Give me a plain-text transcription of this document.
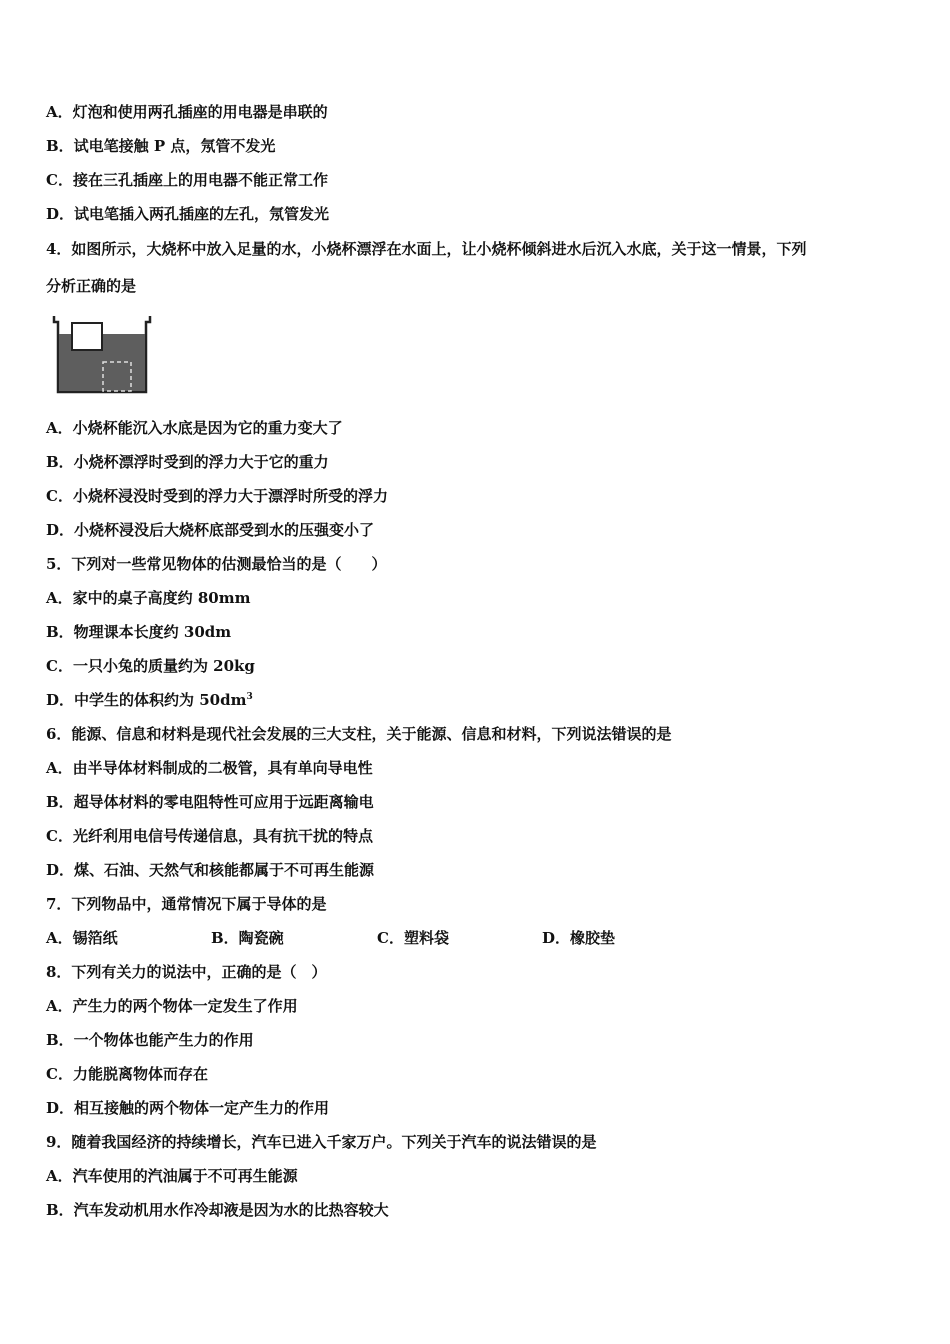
A．灯泡和使用两孔插座的用电器是串联的
B．试电笔接触 P 点，氖管不发光
C．接在三孔插座上的用电器不能正常工作
D．试电笔插入两孔插座的左孔，氖管发光
4．如图所示，大烧杯中放入足量的水，小烧杯漂浮在水面上，让小烧杯倾斜进水后沉入水底，关于这一情景，下列
分析正确的是
A．小烧杯能沉入水底是因为它的重力变大了
B．小烧杯漂浮时受到的浮力大于它的重力
C．小烧杯浸没时受到的浮力大于漂浮时所受的浮力
D．小烧杯浸没后大烧杯底部受到水的压强变小了
5．下列对一些常见物体的估测最恰当的是（　　）
A．家中的桌子高度约 80mm
B．物理课本长度约 30dm
C．一只小兔的质量约为 20kg
D．中学生的体积约为 $50dm^3$
6．能源、信息和材料是现代社会发展的三大支柱，关于能源、信息和材料，下列说法错误的是
A．由半导体材料制成的二极管，具有单向导电性
B．超导体材料的零电阻特性可应用于远距离输电
C．光纤利用电信号传递信息，具有抗干扰的特点
D．煤、石油、天然气和核能都属于不可再生能源
7．下列物品中，通常情况下属于导体的是
A．锡箔纸	B．陶瓷碗	C．塑料袋	D．橡胶垫
8．下列有关力的说法中，正确的是（　）
A．产生力的两个物体一定发生了作用
B．一个物体也能产生力的作用
C．力能脱离物体而存在
D．相互接触的两个物体一定产生力的作用
9．随着我国经济的持续增长，汽车已进入千家万户。下列关于汽车的说法错误的是
A．汽车使用的汽油属于不可再生能源
B．汽车发动机用水作冷却液是因为水的比热容较大
